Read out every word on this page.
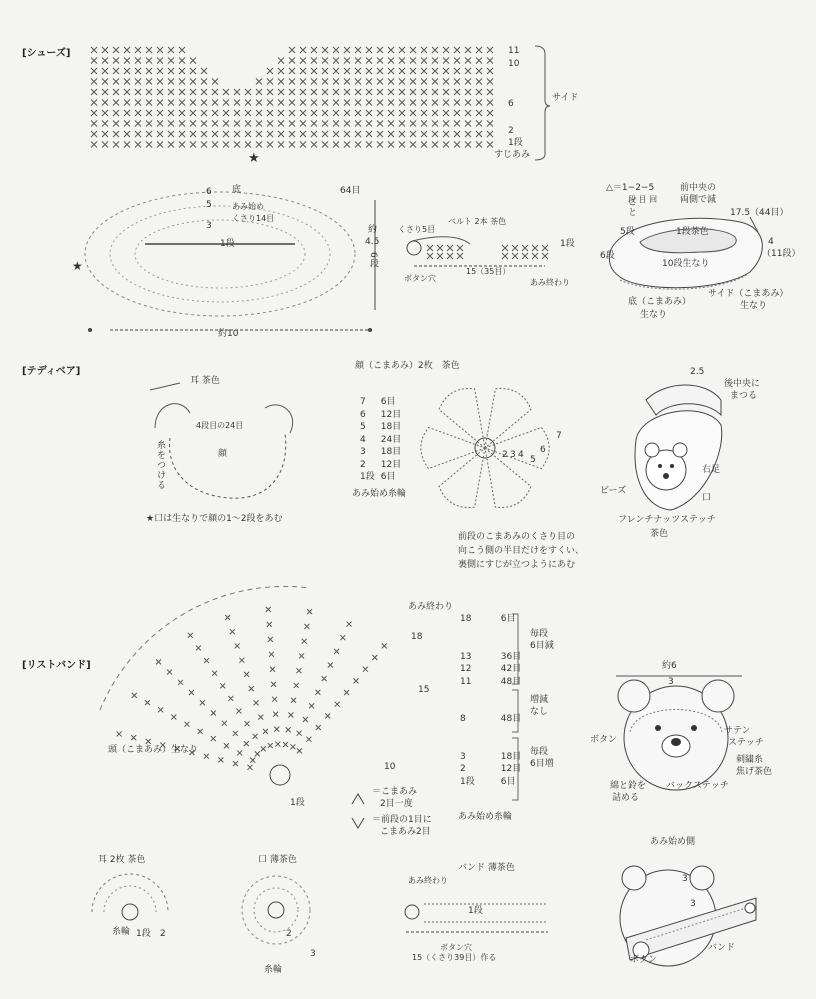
[シューズ]
★
11
10
6
2
1段
すじあみ
サイド
★
底
あみ始め
くさり14目
6
5
3
1段
64目
約
4.5
6段
約10
くさり5目
ベルト 2本 茶色
1段
ボタン穴
15（35目）
あみ終わり
△＝1−2−5
段 目 回
ごと
前中央の
両側で減
17.5（44目）
1段茶色
5段
6段
4
（11段）
10段生なり
底（こまあみ）
生なり
サイド（こまあみ）
生なり
[テディベア]
耳 茶色
4段目の24目
顔
糸をつける
★口は生なりで顔の1〜2段をあむ
顔（こまあみ）2枚　茶色
7	6目
6	12目
5	18目
4	24目
3	18目
2	12目
1段	6目
あみ始め糸輪
7
6
5
4
3
2
前段のこまあみのくさり目の
向こう側の半目だけをすくい、
裏側にすじが立つようにあむ
2.5
後中央に
まつる
右足
ビーズ
口
フレンチナッツステッチ
茶色
[リストバンド]
あみ終わり
18
15
10
1段
頭（こまあみ）生なり
＝こまあみ
2目一度
＝前段の1目に
こまあみ2目
18	6目

13	36目
12	42目
11	48目

8	48目

3	18目
2	12目
1段	6目
あみ始め糸輪
毎段
6目減
増減
なし
毎段
6目増
約6
3
サテン
ステッチ
刺繍糸
焦げ茶色
ボタン
綿と鈴を
詰める
バックステッチ
耳 2枚 茶色
糸輪 1段 2
口 薄茶色
糸輪
2
3
バンド 薄茶色
あみ終わり
1段
ボタン穴
15（くさり39目）作る
あみ始め側
3
3
バンド
ボタン
